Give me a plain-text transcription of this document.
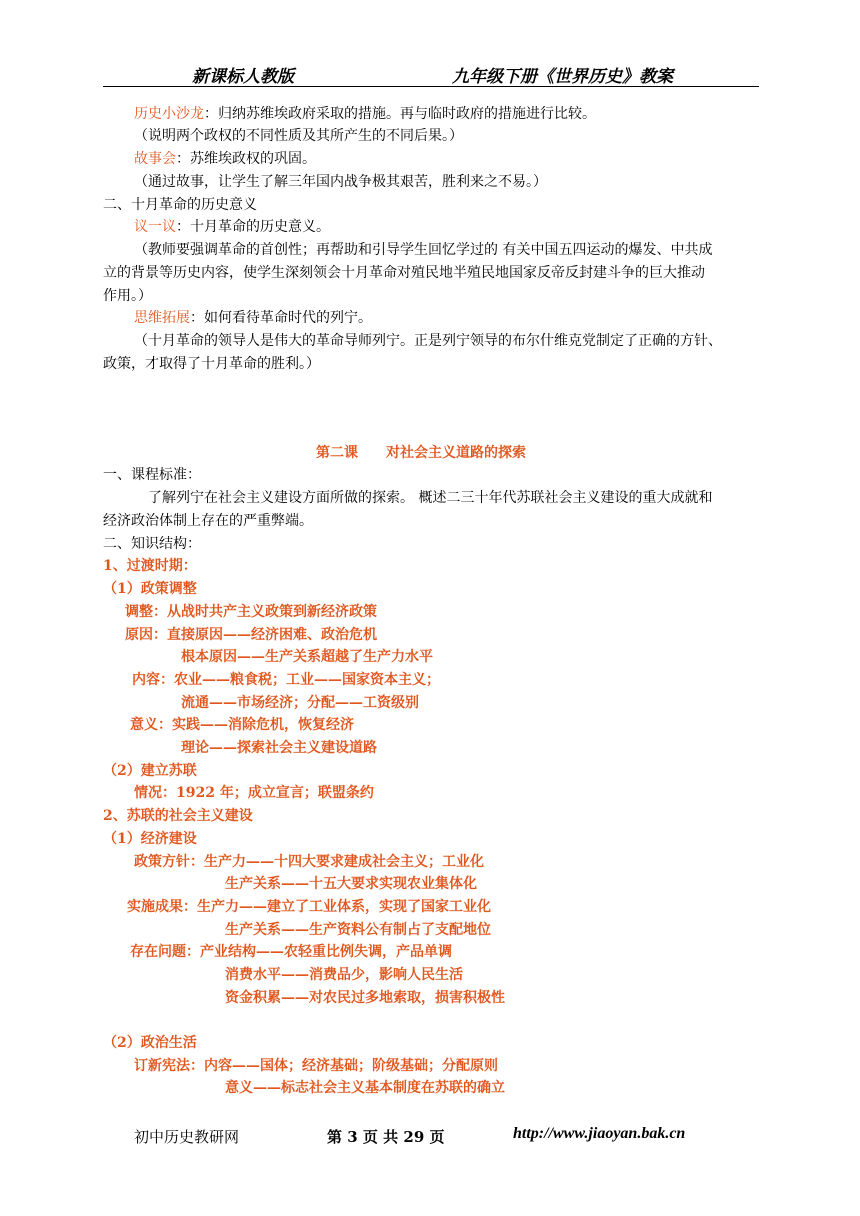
新课标人教版	九年级下册《世界历史》教案
历史小沙龙：归纳苏维埃政府采取的措施。再与临时政府的措施进行比较。
（说明两个政权的不同性质及其所产生的不同后果。）
故事会：苏维埃政权的巩固。
（通过故事，让学生了解三年国内战争极其艰苦，胜利来之不易。）
二、十月革命的历史意义
议一议：十月革命的历史意义。
（教师要强调革命的首创性；再帮助和引导学生回忆学过的 有关中国五四运动的爆发、中共成
立的背景等历史内容，使学生深刻领会十月革命对殖民地半殖民地国家反帝反封建斗争的巨大推动
作用。）
思维拓展：如何看待革命时代的列宁。
（十月革命的领导人是伟大的革命导师列宁。正是列宁领导的布尔什维克党制定了正确的方针、
政策，才取得了十月革命的胜利。）
第二课　　对社会主义道路的探索
一、课程标准：
了解列宁在社会主义建设方面所做的探索。 概述二三十年代苏联社会主义建设的重大成就和
经济政治体制上存在的严重弊端。
二、知识结构：
1、过渡时期：
（1）政策调整
调整：从战时共产主义政策到新经济政策
原因：直接原因——经济困难、政治危机
根本原因——生产关系超越了生产力水平
内容：农业——粮食税；工业——国家资本主义；
流通——市场经济；分配——工资级别
意义：实践——消除危机，恢复经济
理论——探索社会主义建设道路
（2）建立苏联
情况：1922 年；成立宣言；联盟条约
2、苏联的社会主义建设
（1）经济建设
政策方针：生产力——十四大要求建成社会主义；工业化
生产关系——十五大要求实现农业集体化
实施成果：生产力——建立了工业体系，实现了国家工业化
生产关系——生产资料公有制占了支配地位
存在问题：产业结构——农轻重比例失调，产品单调
消费水平——消费品少，影响人民生活
资金积累——对农民过多地索取，损害积极性
（2）政治生活
订新宪法：内容——国体；经济基础；阶级基础；分配原则
意义——标志社会主义基本制度在苏联的确立
初中历史教研网	第 3 页 共 29 页	http://www.jiaoyan.bak.cn
